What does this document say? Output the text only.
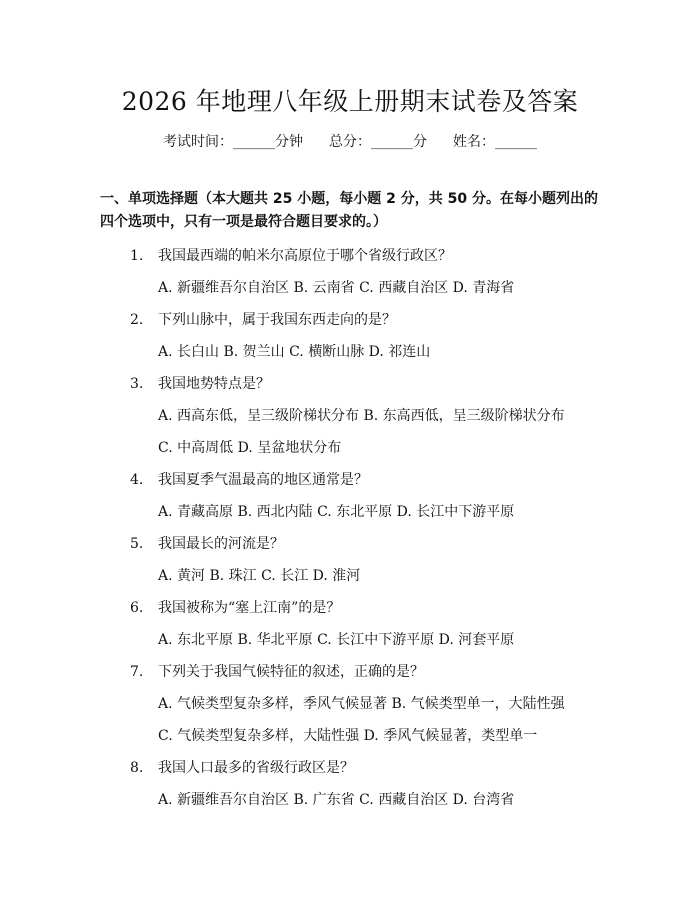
2026 年地理八年级上册期末试卷及答案
考试时间：______分钟 总分：______分 姓名：______
一、单项选择题（本大题共 25 小题，每小题 2 分，共 50 分。在每小题列出的四个选项中，只有一项是最符合题目要求的。）
1.	我国最西端的帕米尔高原位于哪个省级行政区？
A. 新疆维吾尔自治区 B. 云南省 C. 西藏自治区 D. 青海省
2.	下列山脉中，属于我国东西走向的是？
A. 长白山 B. 贺兰山 C. 横断山脉 D. 祁连山
3.	我国地势特点是？
A. 西高东低，呈三级阶梯状分布 B. 东高西低，呈三级阶梯状分布
C. 中高周低 D. 呈盆地状分布
4.	我国夏季气温最高的地区通常是？
A. 青藏高原 B. 西北内陆 C. 东北平原 D. 长江中下游平原
5.	我国最长的河流是？
A. 黄河 B. 珠江 C. 长江 D. 淮河
6.	我国被称为“塞上江南”的是？
A. 东北平原 B. 华北平原 C. 长江中下游平原 D. 河套平原
7.	下列关于我国气候特征的叙述，正确的是？
A. 气候类型复杂多样，季风气候显著 B. 气候类型单一，大陆性强
C. 气候类型复杂多样，大陆性强 D. 季风气候显著，类型单一
8.	我国人口最多的省级行政区是？
A. 新疆维吾尔自治区 B. 广东省 C. 西藏自治区 D. 台湾省
